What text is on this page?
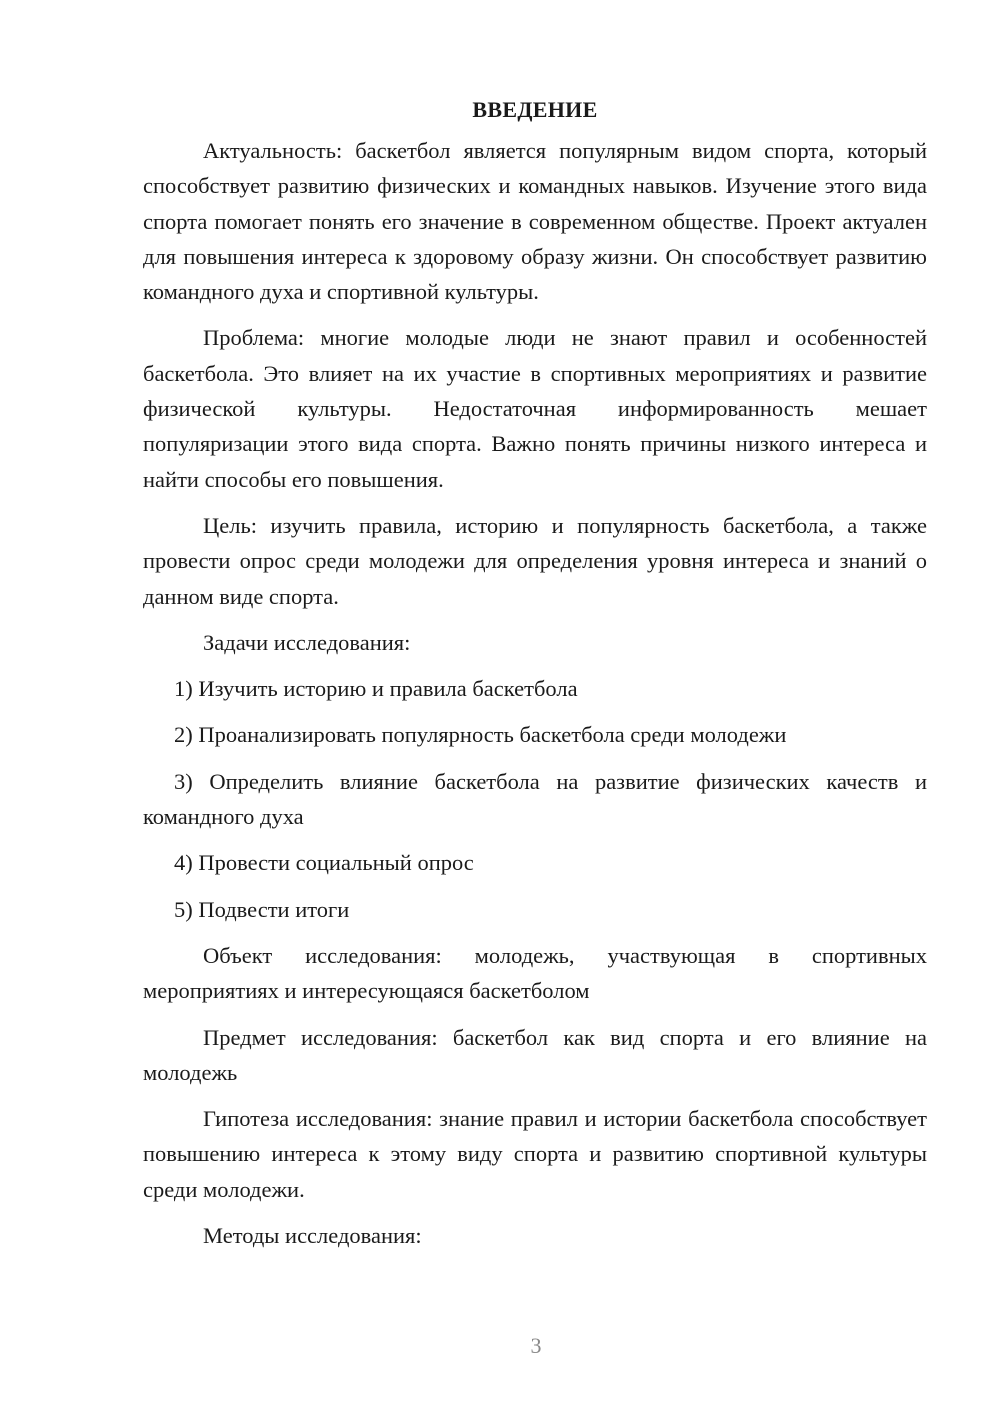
ВВЕДЕНИЕ

Актуальность: баскетбол является популярным видом спорта, который способствует развитию физических и командных навыков. Изучение этого вида спорта помогает понять его значение в современном обществе. Проект актуален для повышения интереса к здоровому образу жизни. Он способствует развитию командного духа и спортивной культуры.

Проблема: многие молодые люди не знают правил и особенностей баскетбола. Это влияет на их участие в спортивных мероприятиях и развитие физической культуры. Недостаточная информированность мешает популяризации этого вида спорта. Важно понять причины низкого интереса и найти способы его повышения.

Цель: изучить правила, историю и популярность баскетбола, а также провести опрос среди молодежи для определения уровня интереса и знаний о данном виде спорта.

Задачи исследования:

1) Изучить историю и правила баскетбола

2) Проанализировать популярность баскетбола среди молодежи

3) Определить влияние баскетбола на развитие физических качеств и командного духа

4) Провести социальный опрос

5) Подвести итоги

Объект исследования: молодежь, участвующая в спортивных мероприятиях и интересующаяся баскетболом

Предмет исследования: баскетбол как вид спорта и его влияние на молодежь

Гипотеза исследования: знание правил и истории баскетбола способствует повышению интереса к этому виду спорта и развитию спортивной культуры среди молодежи.

Методы исследования:

3
